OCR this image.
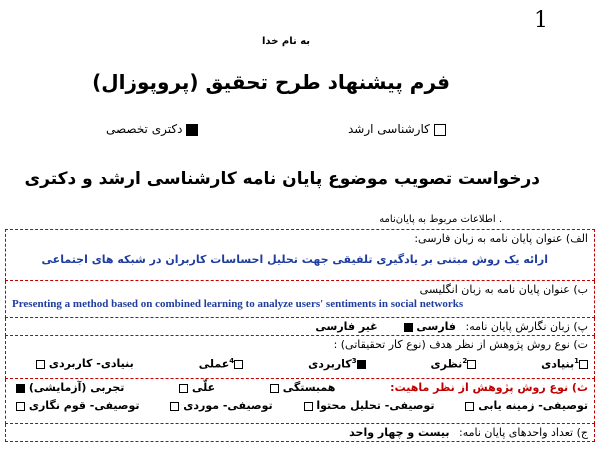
1
به نام خدا
فرم پیشنهاد طرح تحقیق (پروپوزال)
دکتری تخصصی	کارشناسی ارشد
درخواست تصویب موضوع پایان نامه کارشناسی ارشد و دکتری
. اطلاعات مربوط به پایان‌نامه
الف) عنوان پایان نامه به زبان فارسی:
ارائه یک روش مبتنی بر یادگیری تلفیقی جهت تحلیل احساسات کاربران در شبکه های اجتماعی

ب) عنوان پایان نامه به زبان انگلیسی
Presenting a method based on combined learning to analyze users' sentiments in social networks

پ) زبان نگارش پایان نامه: فارسی  غیر فارسی

ت) نوع روش پژوهش از نظر هدف (نوع کار تحقیقاتی) :
$^1$بنیادی
$^2$نظری
$^3$کاربردی
$^4$عملی
بنیادی- کاربردی

ث) نوع روش پژوهش از نظر ماهیت:
همبستگی
علّی
تجربی (آزمایشی)
توصیفی- زمینه یابی
توصیفی- تحلیل محتوا
توصیفی- موردی
توصیفی- قوم نگاری

ج) تعداد واحدهای پایان نامه: بیست و چهار واحد
